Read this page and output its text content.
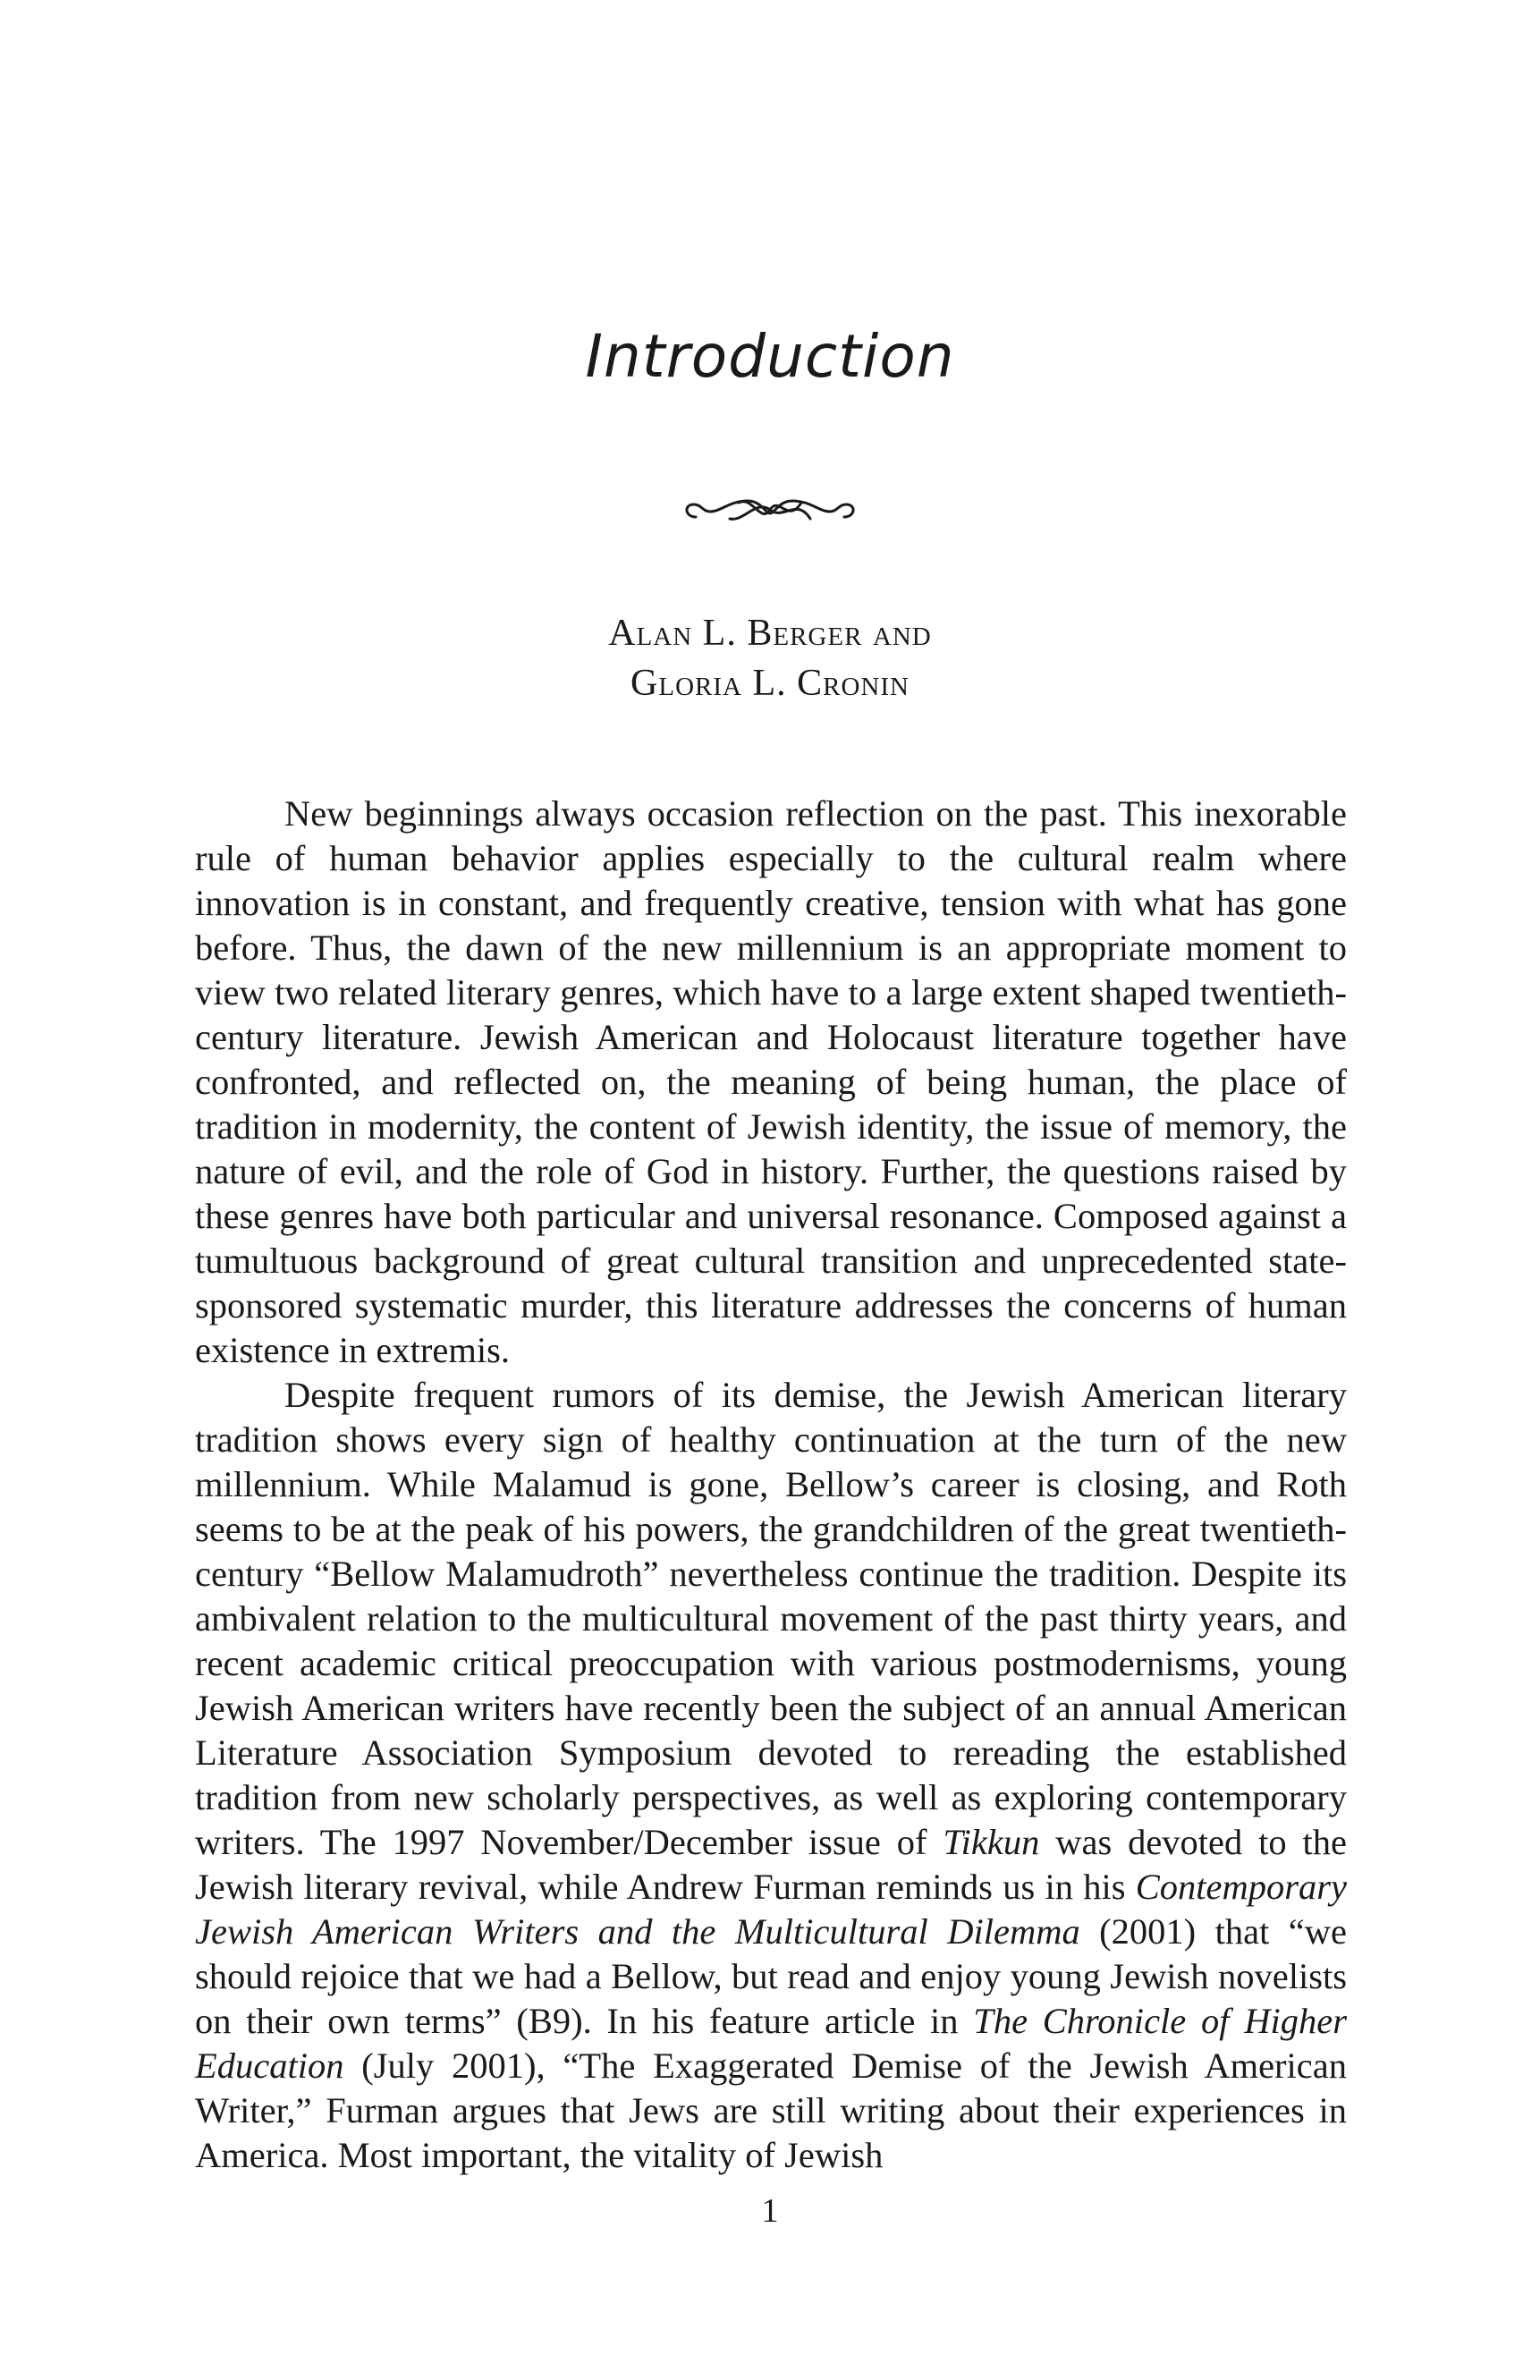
Introduction
Alan L. Berger and
Gloria L. Cronin

New beginnings always occasion reflection on the past. This inexorable rule of human behavior applies especially to the cultural realm where innovation is in constant, and frequently creative, tension with what has gone before. Thus, the dawn of the new millennium is an appropriate moment to view two related literary genres, which have to a large extent shaped twentieth-century literature. Jewish American and Holocaust literature together have confronted, and reflected on, the meaning of being human, the place of tradition in modernity, the content of Jewish identity, the issue of memory, the nature of evil, and the role of God in history. Further, the questions raised by these genres have both particular and universal resonance. Composed against a tumultuous background of great cultural transition and unprecedented state-sponsored systematic murder, this literature addresses the concerns of human existence in extremis.

Despite frequent rumors of its demise, the Jewish American literary tradition shows every sign of healthy continuation at the turn of the new millennium. While Malamud is gone, Bellow’s career is closing, and Roth seems to be at the peak of his powers, the grandchildren of the great twentieth-century “Bellow Malamudroth” nevertheless continue the tradition. Despite its ambivalent relation to the multicultural movement of the past thirty years, and recent academic critical preoccupation with various postmodernisms, young Jewish American writers have recently been the subject of an annual American Literature Association Symposium devoted to rereading the established tradition from new scholarly perspectives, as well as exploring contemporary writers. The 1997 November/December issue of Tikkun was devoted to the Jewish literary revival, while Andrew Furman reminds us in his Contemporary Jewish American Writers and the Multicultural Dilemma (2001) that “we should rejoice that we had a Bellow, but read and enjoy young Jewish novelists on their own terms” (B9). In his feature article in The Chronicle of Higher Education (July 2001), “The Exaggerated Demise of the Jewish American Writer,” Furman argues that Jews are still writing about their experiences in America. Most important, the vitality of Jewish

1
